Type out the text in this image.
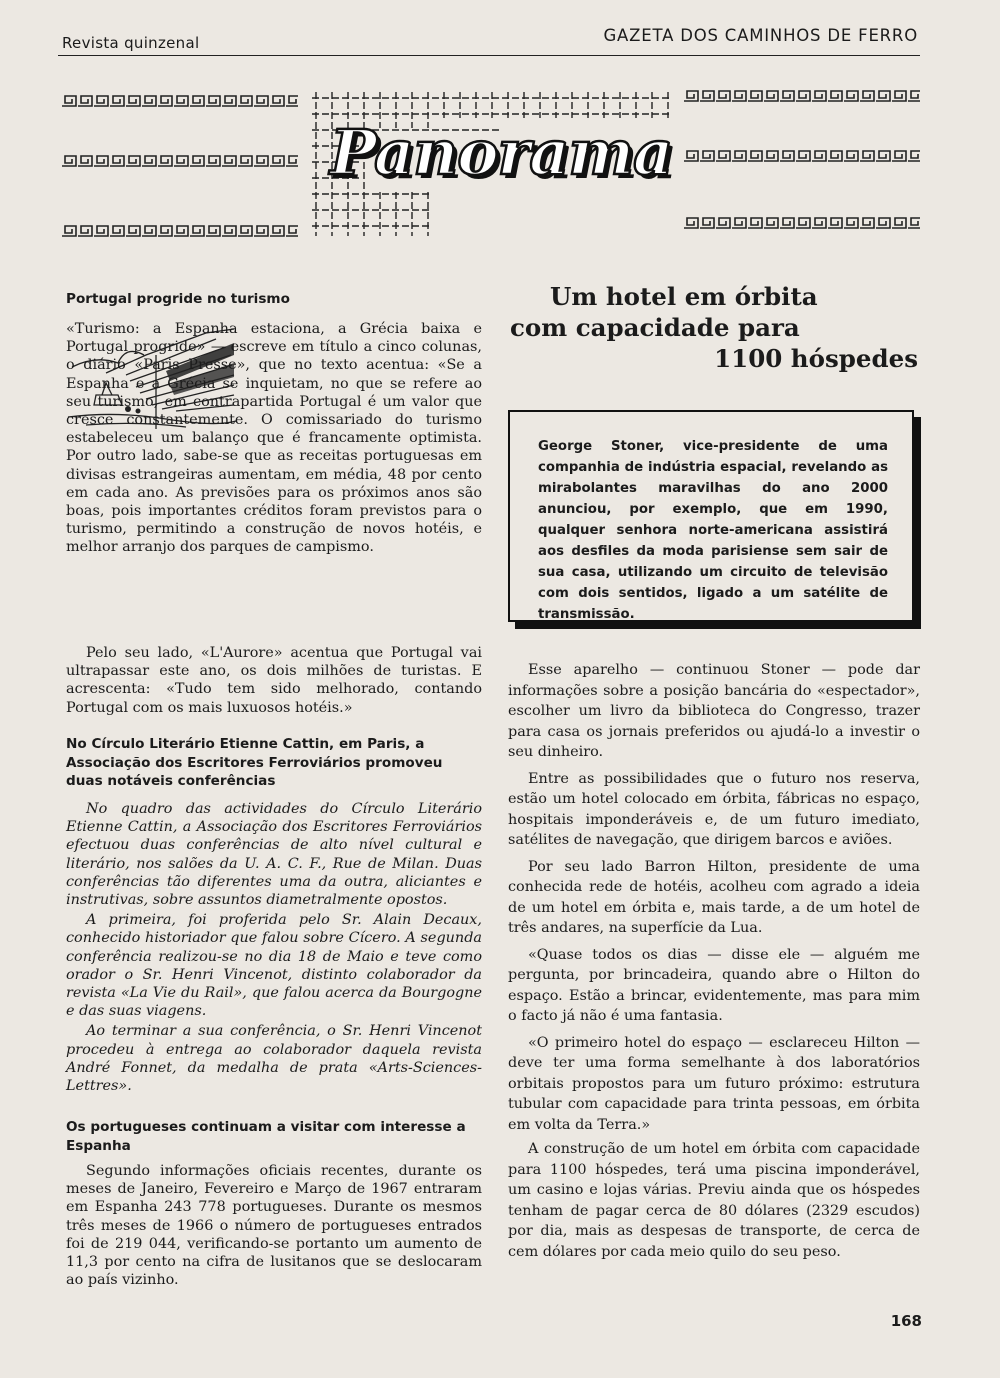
Revista quinzenal	GAZETA DOS CAMINHOS DE FERRO
Panorama
Portugal progride no turismo

«Turismo: a Espanha estaciona, a Grécia baixa e Portugal progride» — escreve em título a cinco colunas, o diário «Paris Presse», que no texto acentua: «Se a Espanha e a Grécia se inquietam, no que se refere ao seu turismo, em contrapartida Portugal é um valor que cresce constantemente. O comissariado do turismo estabeleceu um balanço que é francamente optimista. Por outro lado, sabe-se que as receitas portuguesas em divisas estrangeiras aumentam, em média, 48 por cento em cada ano. As previsões para os próximos anos são boas, pois importantes créditos foram previstos para o turismo, permitindo a construção de novos hotéis, e melhor arranjo dos parques de campismo.

Pelo seu lado, «L'Aurore» acentua que Portugal vai ultrapassar este ano, os dois milhões de turistas. E acrescenta: «Tudo tem sido melhorado, contando Portugal com os mais luxuosos hotéis.»

No Círculo Literário Etienne Cattin, em Paris, a Associação dos Escritores Ferroviários promoveu duas notáveis conferências

No quadro das actividades do Círculo Literário Etienne Cattin, a Associação dos Escritores Ferroviários efectuou duas conferências de alto nível cultural e literário, nos salões da U. A. C. F., Rue de Milan. Duas conferências tão diferentes uma da outra, aliciantes e instrutivas, sobre assuntos diametralmente opostos.

A primeira, foi proferida pelo Sr. Alain Decaux, conhecido historiador que falou sobre Cícero. A segunda conferência realizou-se no dia 18 de Maio e teve como orador o Sr. Henri Vincenot, distinto colaborador da revista «La Vie du Rail», que falou acerca da Bourgogne e das suas viagens.

Ao terminar a sua conferência, o Sr. Henri Vincenot procedeu à entrega ao colaborador daquela revista André Fonnet, da medalha de prata «Arts-Sciences-Lettres».

Os portugueses continuam a visitar com interesse a Espanha

Segundo informações oficiais recentes, durante os meses de Janeiro, Fevereiro e Março de 1967 entraram em Espanha 243 778 portugueses. Durante os mesmos três meses de 1966 o número de portugueses entrados foi de 219 044, verificando-se portanto um aumento de 11,3 por cento na cifra de lusitanos que se deslocaram ao país vizinho.

Um hotel em órbita
com capacidade para
1100 hóspedes
George Stoner, vice-presidente de uma companhia de indústria espacial, revelando as mirabolantes maravilhas do ano 2000 anunciou, por exemplo, que em 1990, qualquer senhora norte-americana assistirá aos desfiles da moda parisiense sem sair de sua casa, utilizando um circuito de televisão com dois sentidos, ligado a um satélite de transmissão.

Esse aparelho — continuou Stoner — pode dar informações sobre a posição bancária do «espectador», escolher um livro da biblioteca do Congresso, trazer para casa os jornais preferidos ou ajudá-lo a investir o seu dinheiro.

Entre as possibilidades que o futuro nos reserva, estão um hotel colocado em órbita, fábricas no espaço, hospitais imponderáveis e, de um futuro imediato, satélites de navegação, que dirigem barcos e aviões.

Por seu lado Barron Hilton, presidente de uma conhecida rede de hotéis, acolheu com agrado a ideia de um hotel em órbita e, mais tarde, a de um hotel de três andares, na superfície da Lua.

«Quase todos os dias — disse ele — alguém me pergunta, por brincadeira, quando abre o Hilton do espaço. Estão a brincar, evidentemente, mas para mim o facto já não é uma fantasia.

«O primeiro hotel do espaço — esclareceu Hilton — deve ter uma forma semelhante à dos laboratórios orbitais propostos para um futuro próximo: estrutura tubular com capacidade para trinta pessoas, em órbita em volta da Terra.»

A construção de um hotel em órbita com capacidade para 1100 hóspedes, terá uma piscina imponderável, um casino e lojas várias. Previu ainda que os hóspedes tenham de pagar cerca de 80 dólares (2329 escudos) por dia, mais as despesas de transporte, de cerca de cem dólares por cada meio quilo do seu peso.

168
